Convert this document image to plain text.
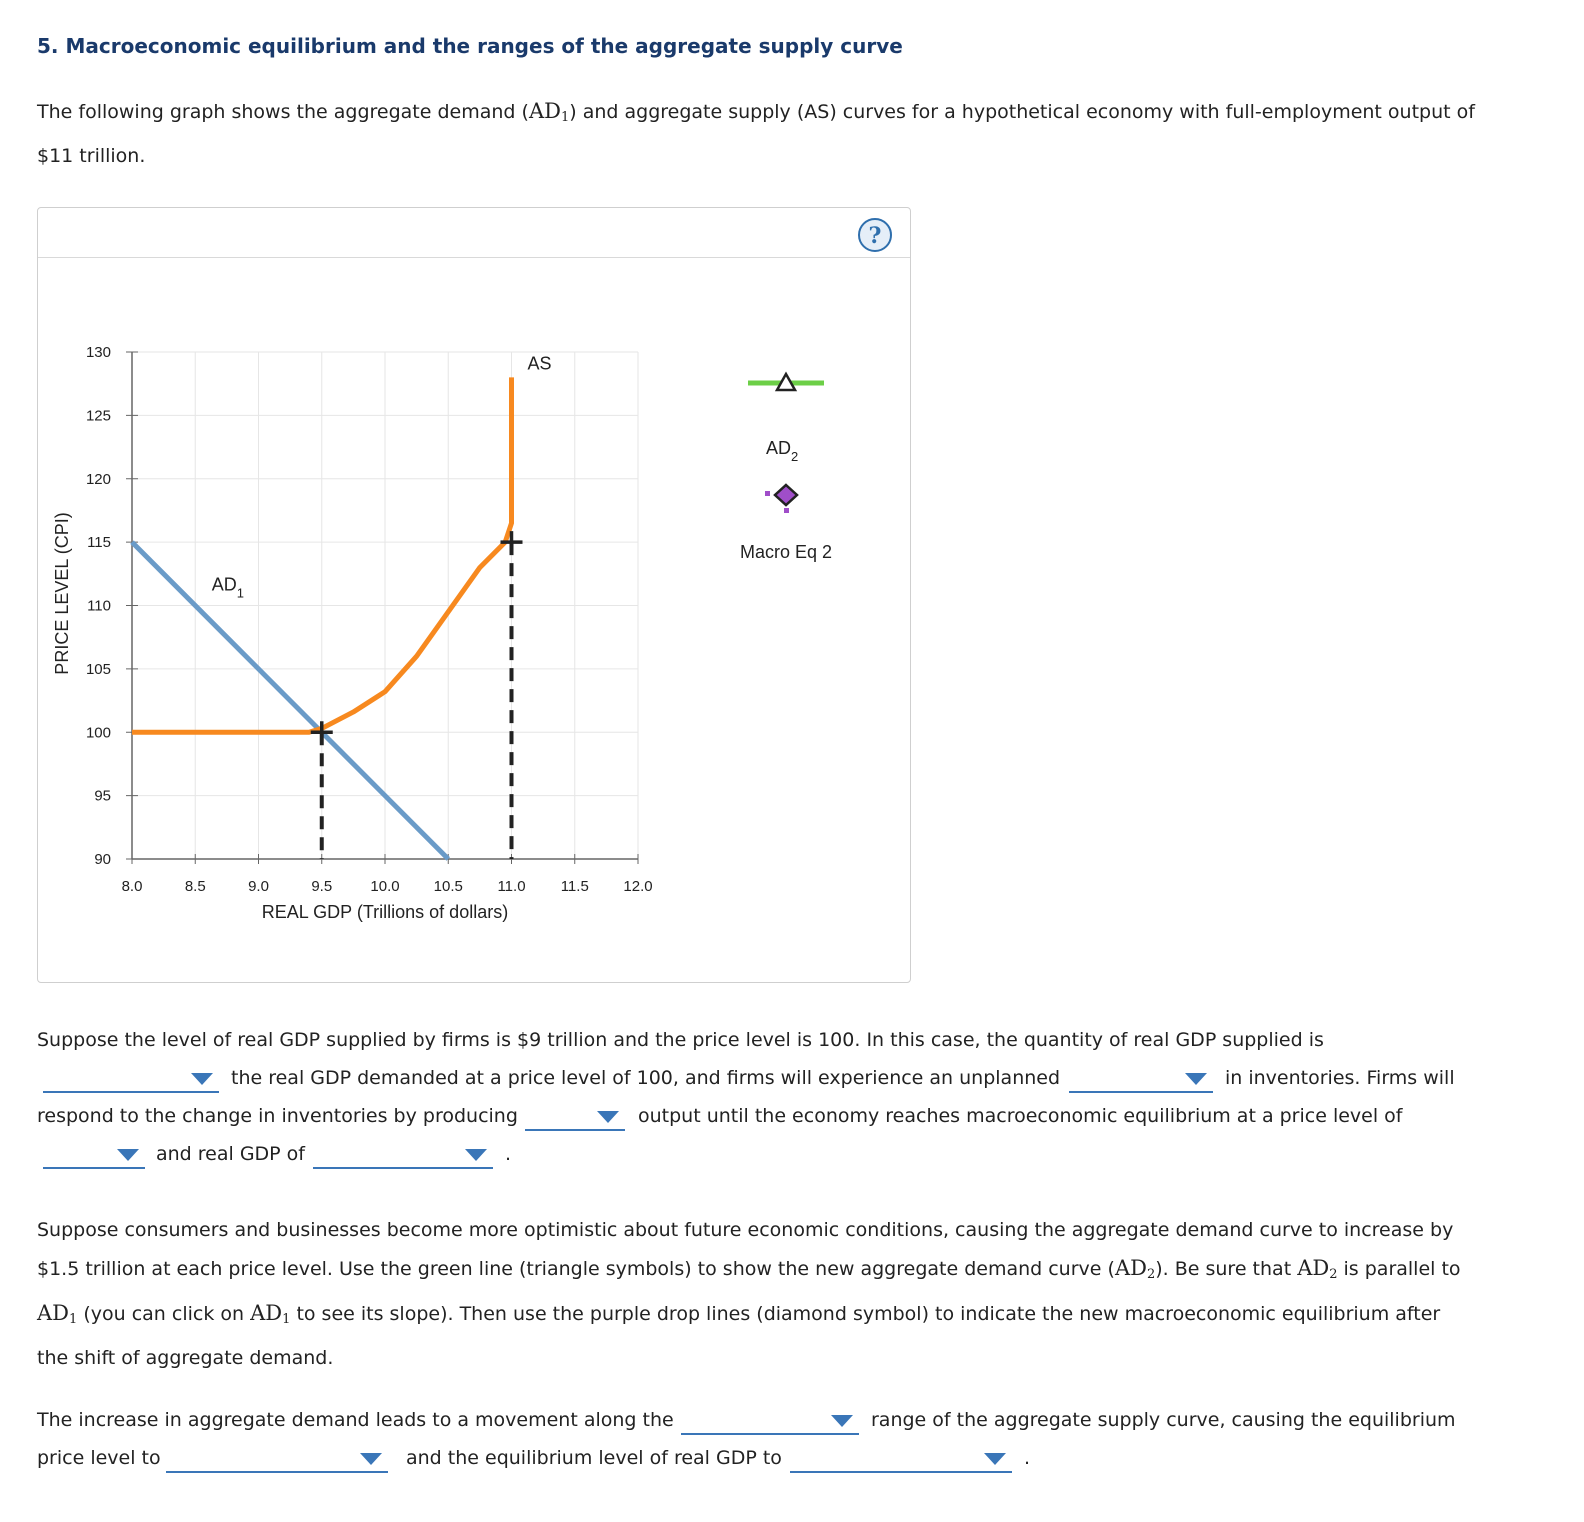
5. Macroeconomic equilibrium and the ranges of the aggregate supply curve
The following graph shows the aggregate demand $(AD_1)$ and aggregate supply (AS) curves for a hypothetical economy with full-employment output of
$11 trillion.
?
8.0	8.5	9.0	9.5	10.0 10.5 11.0 11.5 12.0
130
125
120
115
110
105
100
95
90
REAL GDP (Trillions of dollars)
PRICE LEVEL (CPI)	$AD_1$
AS
$AD_2$
Macro Eq 2
Suppose the level of real GDP supplied by firms is $9 trillion and the price level is 100. In this case, the quantity of real GDP supplied is
the real GDP demanded at a price level of 100, and firms will experience an unplanned	in inventories. Firms will
respond to the change in inventories by producing	output until the economy reaches macroeconomic equilibrium at a price level of
and real GDP of	.
Suppose consumers and businesses become more optimistic about future economic conditions, causing the aggregate demand curve to increase by
$1.5 trillion at each price level. Use the green line (triangle symbols) to show the new aggregate demand curve $(AD_2)$. Be sure that $AD_2$ is parallel to
$AD_1$ (you can click on $AD_1$ to see its slope). Then use the purple drop lines (diamond symbol) to indicate the new macroeconomic equilibrium after
the shift of aggregate demand.
The increase in aggregate demand leads to a movement along the	range of the aggregate supply curve, causing the equilibrium
price level to	and the equilibrium level of real GDP to	.
